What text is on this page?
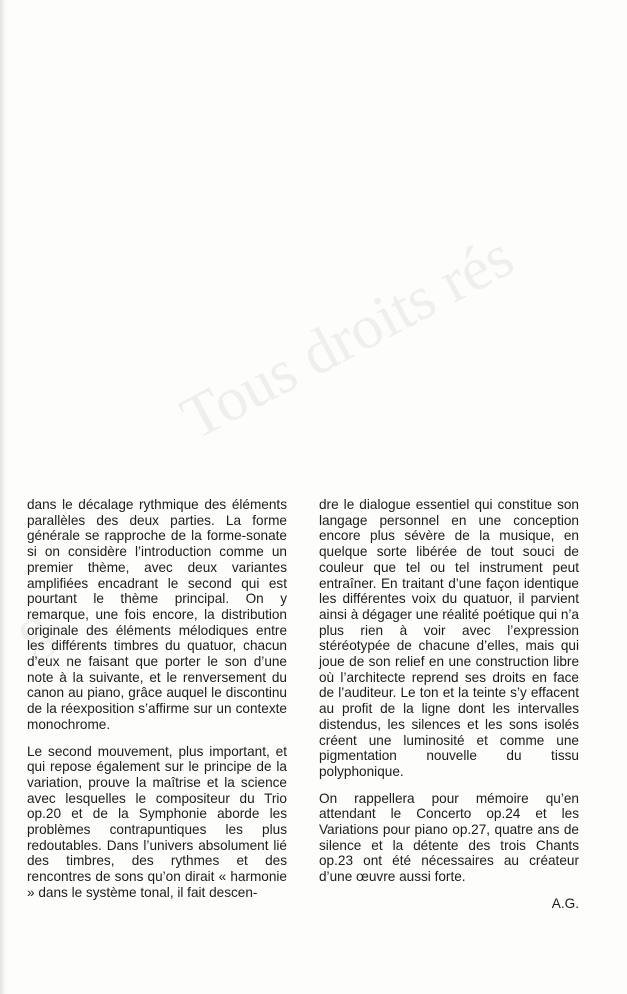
Tous droits rés
g

dans le décalage rythmique des éléments parallèles des deux parties. La forme générale se rapproche de la forme-sonate si on considère l’introduction comme un premier thème, avec deux variantes amplifiées encadrant le second qui est pourtant le thème principal. On y remarque, une fois encore, la distribution originale des éléments mélodiques entre les différents timbres du quatuor, chacun d’eux ne faisant que porter le son d’une note à la suivante, et le renversement du canon au piano, grâce auquel le discontinu de la réexposition s’affirme sur un contexte monochrome.

Le second mouvement, plus important, et qui repose également sur le principe de la variation, prouve la maîtrise et la science avec lesquelles le compositeur du Trio op.20 et de la Symphonie aborde les problèmes contrapuntiques les plus redoutables. Dans l’univers absolument lié des timbres, des rythmes et des rencontres de sons qu’on dirait « harmonie » dans le système tonal, il fait descen-

dre le dialogue essentiel qui constitue son langage personnel en une conception encore plus sévère de la musique, en quelque sorte libérée de tout souci de couleur que tel ou tel instrument peut entraîner. En traitant d’une façon identique les différentes voix du quatuor, il parvient ainsi à dégager une réalité poétique qui n’a plus rien à voir avec l’expression stéréotypée de chacune d’elles, mais qui joue de son relief en une construction libre où l’architecte reprend ses droits en face de l’auditeur. Le ton et la teinte s’y effacent au profit de la ligne dont les intervalles distendus, les silences et les sons isolés créent une luminosité et comme une pigmentation nouvelle du tissu polyphonique.

On rappellera pour mémoire qu’en attendant le Concerto op.24 et les Variations pour piano op.27, quatre ans de silence et la détente des trois Chants op.23 ont été nécessaires au créateur d’une œuvre aussi forte.

A.G.
